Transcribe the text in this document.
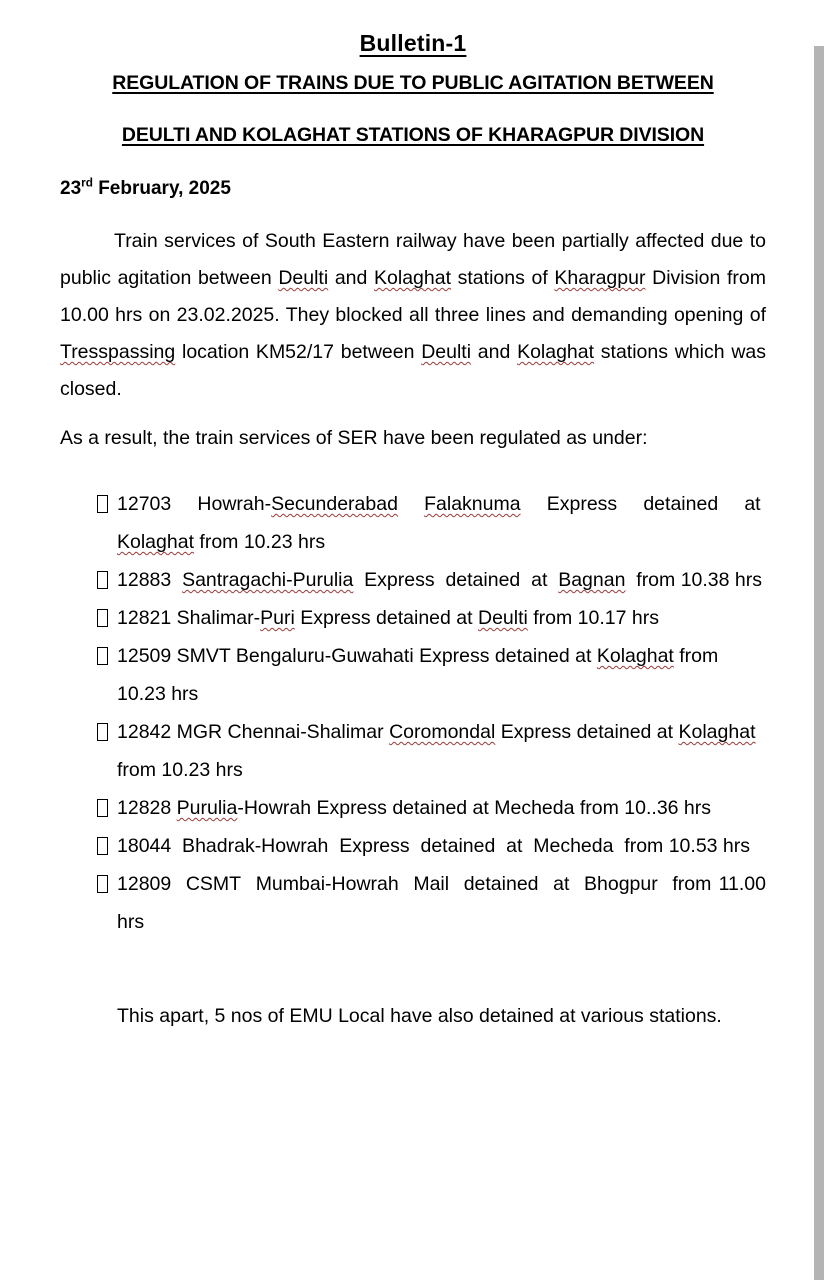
Bulletin-1
REGULATION OF TRAINS DUE TO PUBLIC AGITATION BETWEEN
DEULTI AND KOLAGHAT STATIONS OF KHARAGPUR DIVISION
23rd February, 2025

Train services of South Eastern railway have been partially affected due to public agitation between Deulti and Kolaghat stations of Kharagpur Division from 10.00 hrs on 23.02.2025. They blocked all three lines and demanding opening of Tresspassing location KM52/17 between Deulti and Kolaghat stations which was closed.

As a result, the train services of SER have been regulated as under:

12703  Howrah-Secunderabad Falaknuma  Express  detained  at  Kolaghat from 10.23 hrs
12883  Santragachi-Purulia  Express  detained  at  Bagnan  from 10.38 hrs
12821 Shalimar-Puri Express detained at Deulti from 10.17 hrs
12509 SMVT Bengaluru-Guwahati Express detained at Kolaghat from 10.23 hrs
12842 MGR Chennai-Shalimar Coromondal Express detained at Kolaghat from 10.23 hrs
12828 Purulia-Howrah Express detained at Mecheda from 10..36 hrs
18044  Bhadrak-Howrah  Express  detained  at  Mecheda  from 10.53 hrs
12809  CSMT  Mumbai-Howrah  Mail  detained  at  Bhogpur  from 11.00 hrs

This apart, 5 nos of EMU Local have also detained at various stations.
